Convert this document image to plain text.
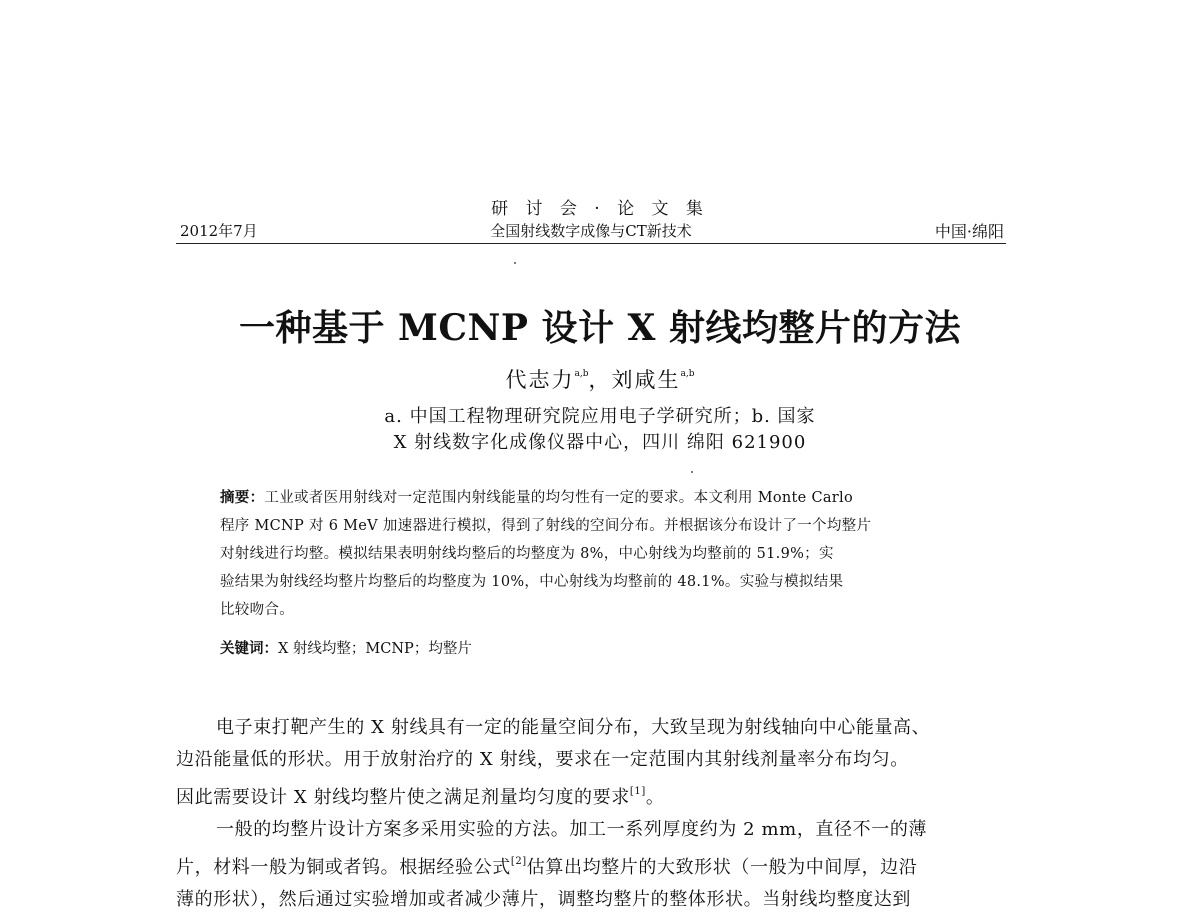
研 讨 会 · 论 文 集
2012年7月	全国射线数字成像与CT新技术	中国·绵阳
一种基于 MCNP 设计 X 射线均整片的方法
代志力$^{a,b}$，刘咸生$^{a,b}$
a. 中国工程物理研究院应用电子学研究所；b. 国家
X 射线数字化成像仪器中心，四川 绵阳 621900
摘要：工业或者医用射线对一定范围内射线能量的均匀性有一定的要求。本文利用 Monte Carlo
程序 MCNP 对 6 MeV 加速器进行模拟，得到了射线的空间分布。并根据该分布设计了一个均整片
对射线进行均整。模拟结果表明射线均整后的均整度为 8%，中心射线为均整前的 51.9%；实
验结果为射线经均整片均整后的均整度为 10%，中心射线为均整前的 48.1%。实验与模拟结果
比较吻合。
关键词：X 射线均整；MCNP；均整片
电子束打靶产生的 X 射线具有一定的能量空间分布，大致呈现为射线轴向中心能量高、
边沿能量低的形状。用于放射治疗的 X 射线，要求在一定范围内其射线剂量率分布均匀。
因此需要设计 X 射线均整片使之满足剂量均匀度的要求[1]。
一般的均整片设计方案多采用实验的方法。加工一系列厚度约为 2 mm，直径不一的薄
片，材料一般为铜或者钨。根据经验公式[2]估算出均整片的大致形状（一般为中间厚，边沿
薄的形状），然后通过实验增加或者减少薄片，调整均整片的整体形状。当射线均整度达到
